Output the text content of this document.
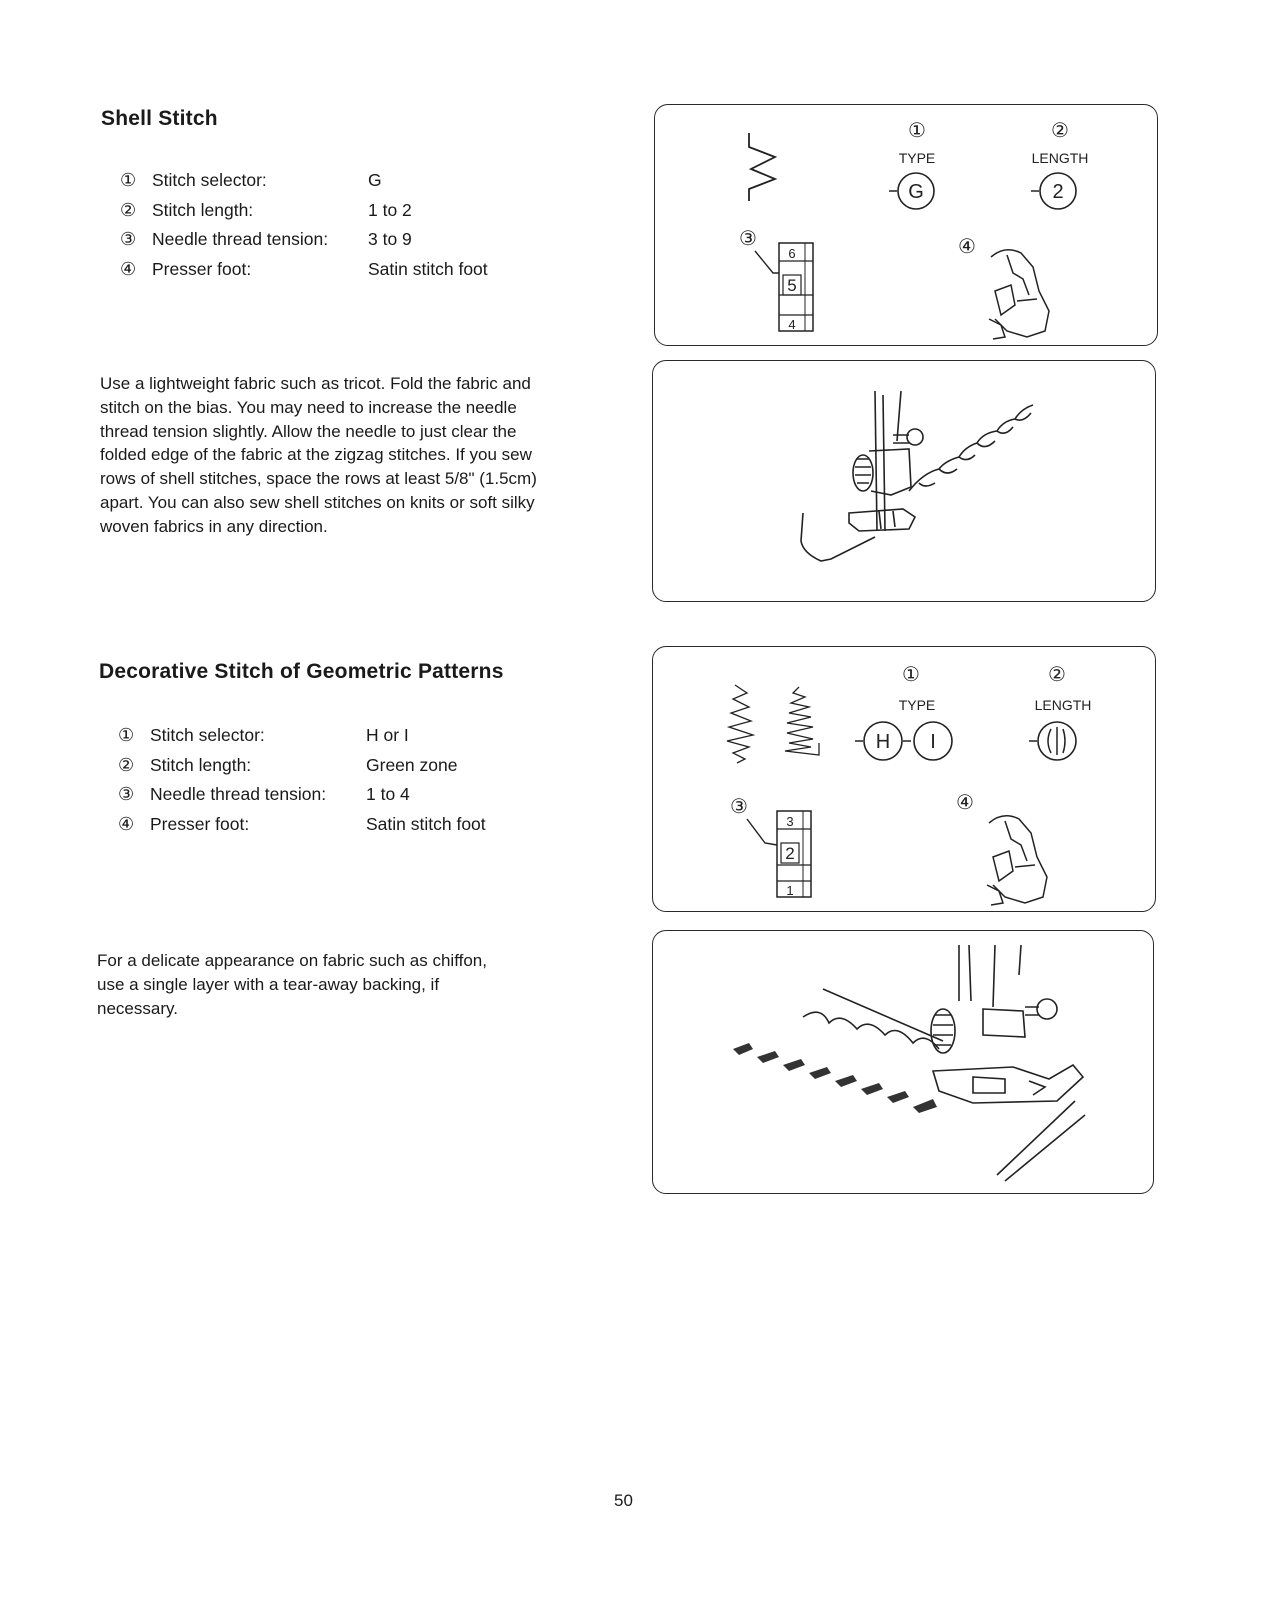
Shell Stitch
① Stitch selector:	G
② Stitch length:	1 to 2
③ Needle thread tension:	3 to 9
④ Presser foot:	Satin stitch foot
Use a lightweight fabric such as tricot. Fold the fabric and
stitch on the bias. You may need to increase the needle
thread tension slightly. Allow the needle to just clear the
folded edge of the fabric at the zigzag stitches. If you sew
rows of shell stitches, space the rows at least 5/8" (1.5cm)
apart. You can also sew shell stitches on knits or soft silky
woven fabrics in any direction.
①	②
TYPE	LENGTH
G	2
③
6
5
4
④
Decorative Stitch of Geometric Patterns
① Stitch selector:	H or I
② Stitch length:	Green zone
③ Needle thread tension:	1 to 4
④ Presser foot:	Satin stitch foot
For a delicate appearance on fabric such as chiffon,
use a single layer with a tear-away backing, if
necessary.
①	②
TYPE	LENGTH
H I
③
3
2
1
④
50
